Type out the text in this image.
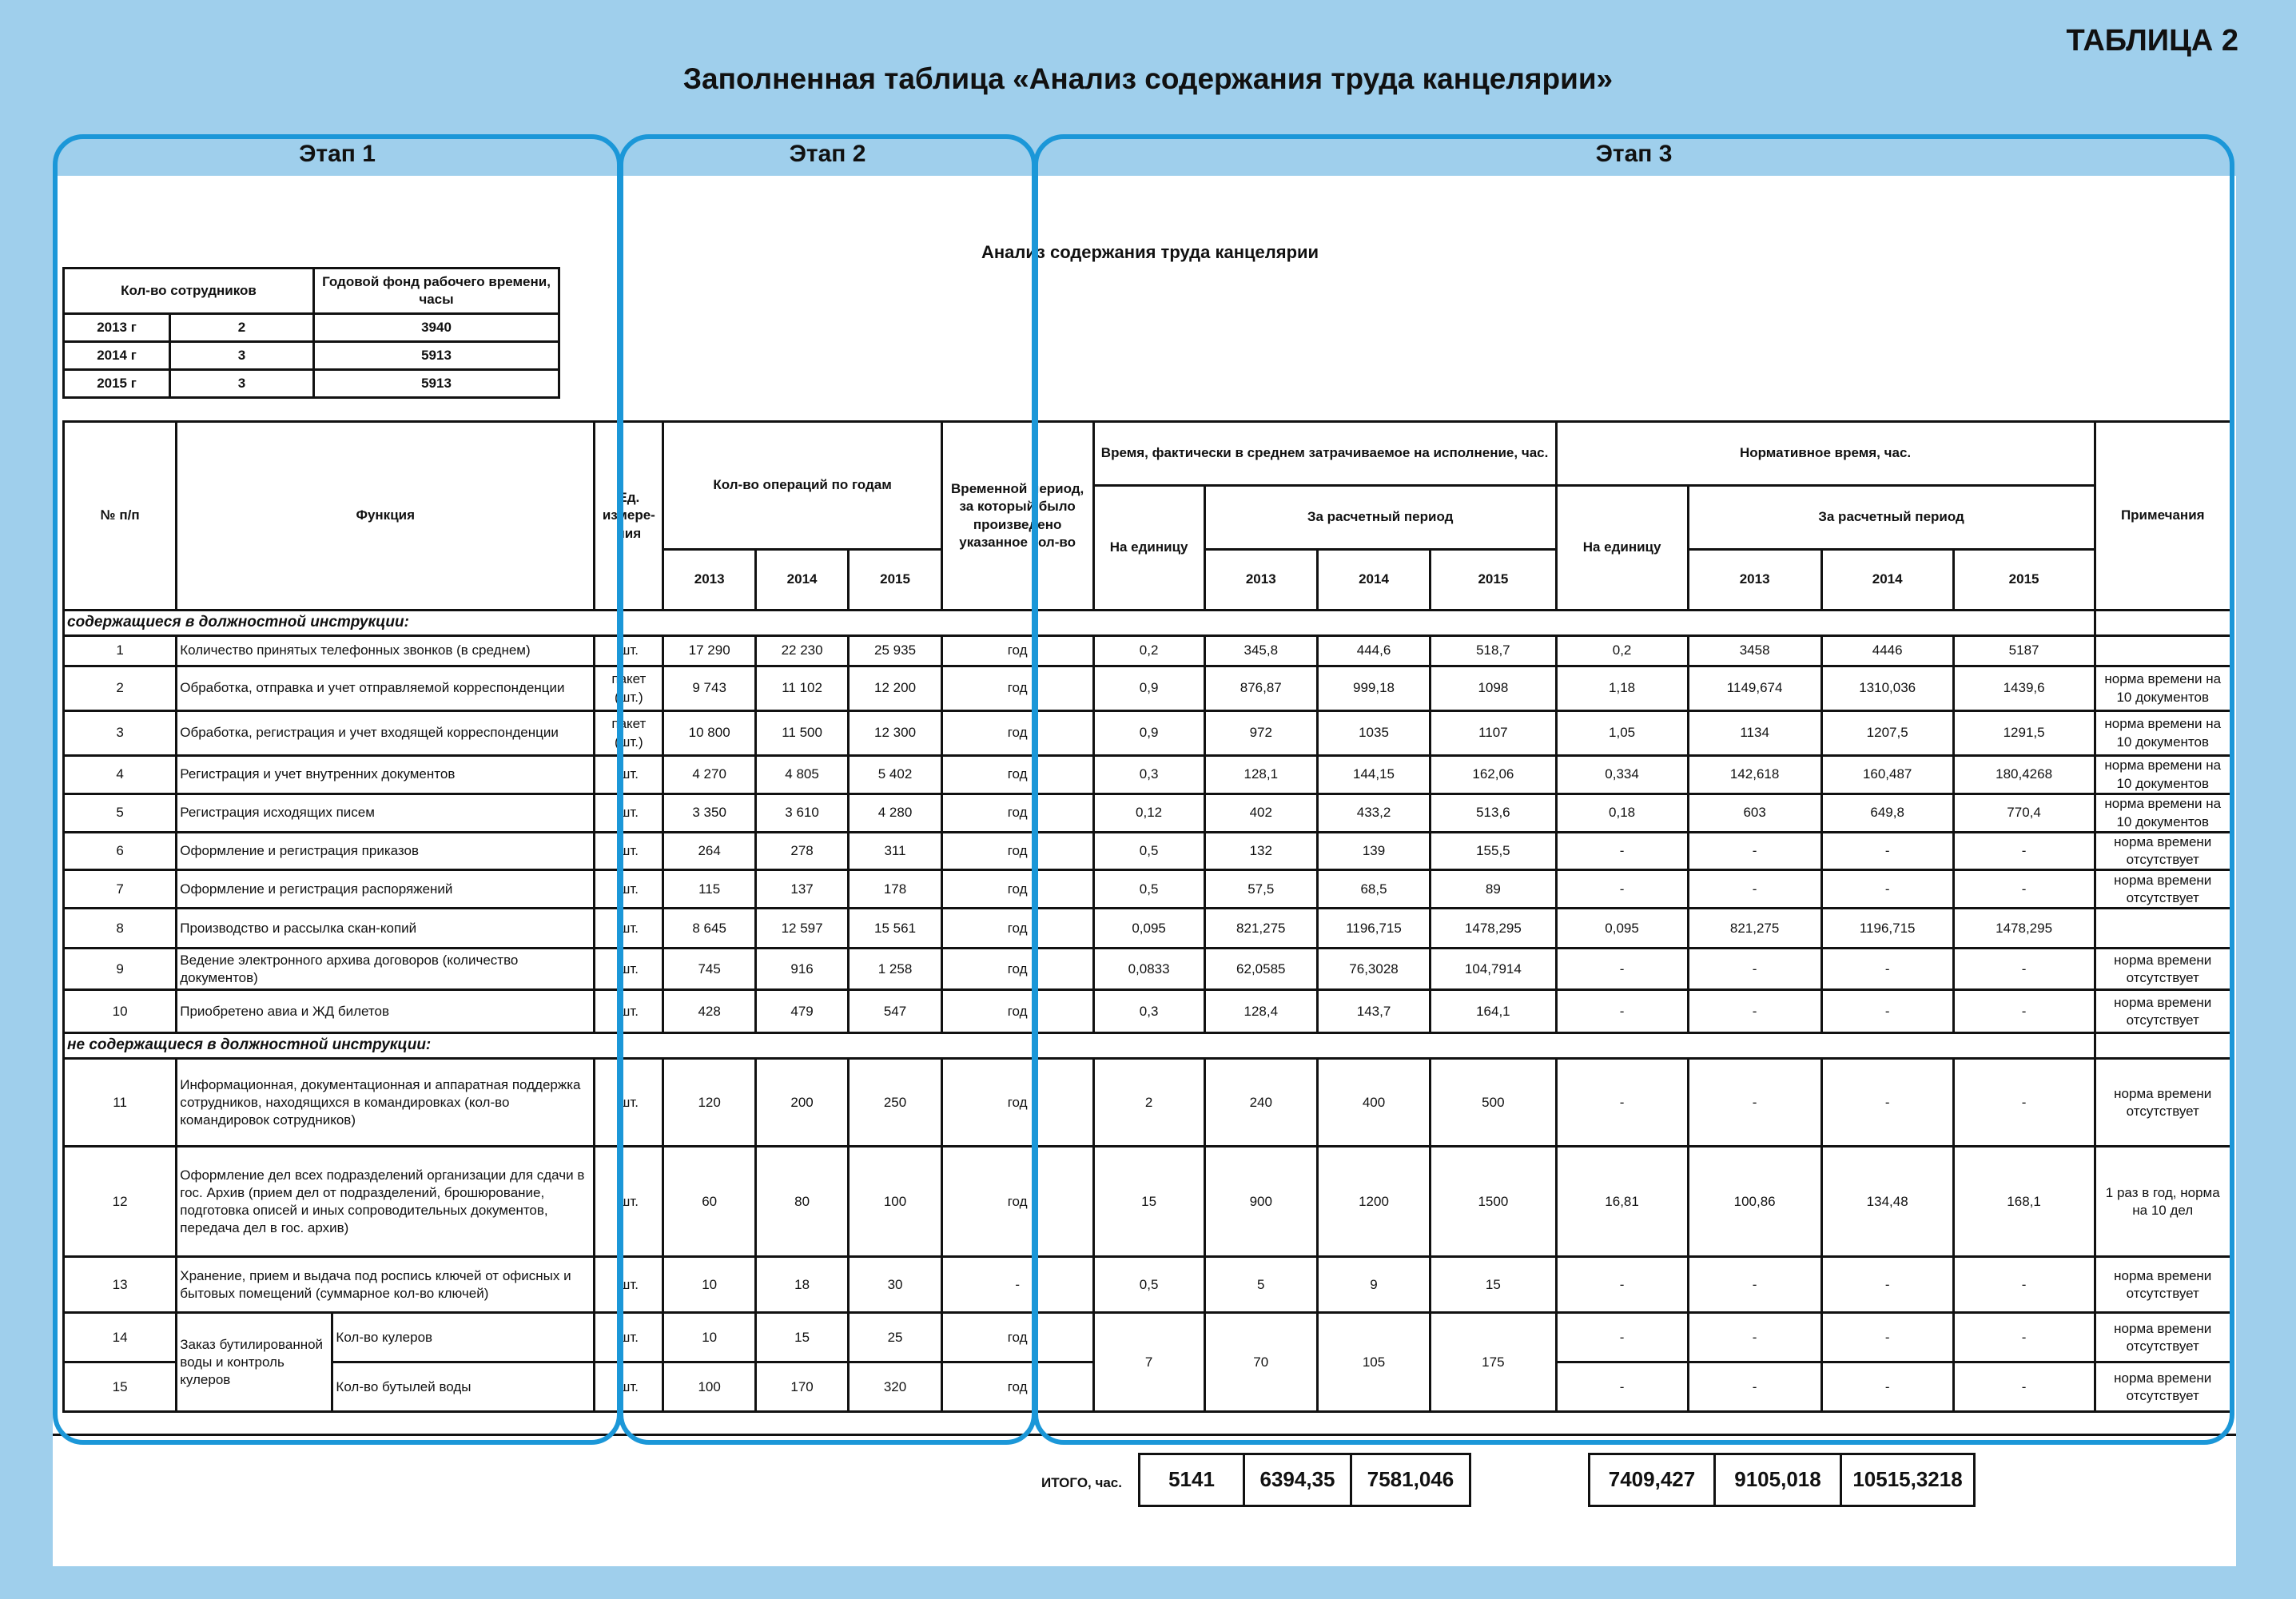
ТАБЛИЦА 2
Заполненная таблица «Анализ содержания труда канцелярии»
Анализ содержания труда канцелярии
Кол-во сотрудников		Годовой фонд рабочего времени, часы
2013 г	2	3940
2014 г	3	5913
2015 г	3	5913
№ п/п	Функция		Ед. измере-ния	Кол-во операций по годам			Временной период, за который было произведено указанное кол-во	Время, фактически в среднем затрачиваемое на исполнение, час.				Нормативное время, час.				Примечания
								На единицу	За расчетный период			На единицу	За расчетный период			
				2013	2014	2015			2013	2014	2015		2013	2014	2015	
содержащиеся в должностной инструкции:																
1	Количество принятых телефонных звонков (в среднем)		шт.	17 290	22 230	25 935	год	0,2	345,8	444,6	518,7	0,2	3458	4446	5187	
2	Обработка, отправка и учет отправляемой корреспонденции		пакет (шт.)	9 743	11 102	12 200	год	0,9	876,87	999,18	1098	1,18	1149,674	1310,036	1439,6	норма времени на 10 документов
3	Обработка, регистрация и учет входящей корреспонденции		пакет (шт.)	10 800	11 500	12 300	год	0,9	972	1035	1107	1,05	1134	1207,5	1291,5	норма времени на 10 документов
4	Регистрация и учет внутренних документов		шт.	4 270	4 805	5 402	год	0,3	128,1	144,15	162,06	0,334	142,618	160,487	180,4268	норма времени на 10 документов
5	Регистрация исходящих писем		шт.	3 350	3 610	4 280	год	0,12	402	433,2	513,6	0,18	603	649,8	770,4	норма времени на 10 документов
6	Оформление и регистрация приказов		шт.	264	278	311	год	0,5	132	139	155,5	-	-	-	-	норма времени отсутствует
7	Оформление и регистрация распоряжений		шт.	115	137	178	год	0,5	57,5	68,5	89	-	-	-	-	норма времени отсутствует
8	Производство и рассылка скан-копий		шт.	8 645	12 597	15 561	год	0,095	821,275	1196,715	1478,295	0,095	821,275	1196,715	1478,295	
9	Ведение электронного архива договоров (количество документов)		шт.	745	916	1 258	год	0,0833	62,0585	76,3028	104,7914	-	-	-	-	норма времени отсутствует
10	Приобретено авиа и ЖД билетов		шт.	428	479	547	год	0,3	128,4	143,7	164,1	-	-	-	-	норма времени отсутствует
не содержащиеся в должностной инструкции:																
11	Информационная, документационная и аппаратная поддержка сотрудников, находящихся в командировках (кол-во командировок сотрудников)		шт.	120	200	250	год	2	240	400	500	-	-	-	-	норма времени отсутствует
12	Оформление дел всех подразделений организации для сдачи в гос. Архив (прием дел от подразделений, брошюрование, подготовка описей и иных сопроводительных документов, передача дел в гос. архив)		шт.	60	80	100	год	15	900	1200	1500	16,81	100,86	134,48	168,1	1 раз в год, норма на 10 дел
13	Хранение, прием и выдача под роспись ключей от офисных и бытовых помещений (суммарное кол-во ключей)		шт.	10	18	30	-	0,5	5	9	15	-	-	-	-	норма времени отсутствует
14	Заказ бутилированной воды и контроль кулеров	Кол-во кулеров	шт.	10	15	25	год	7	70	105	175	-	-	-	-	норма времени отсутствует
15		Кол-во бутылей воды	шт.	100	170	320	год					-	-	-	-	норма времени отсутствует
ИТОГО, час. 5141	6394,35	7581,046	7409,427	9105,018	10515,3218
Этап 1	Этап 2	Этап 3
